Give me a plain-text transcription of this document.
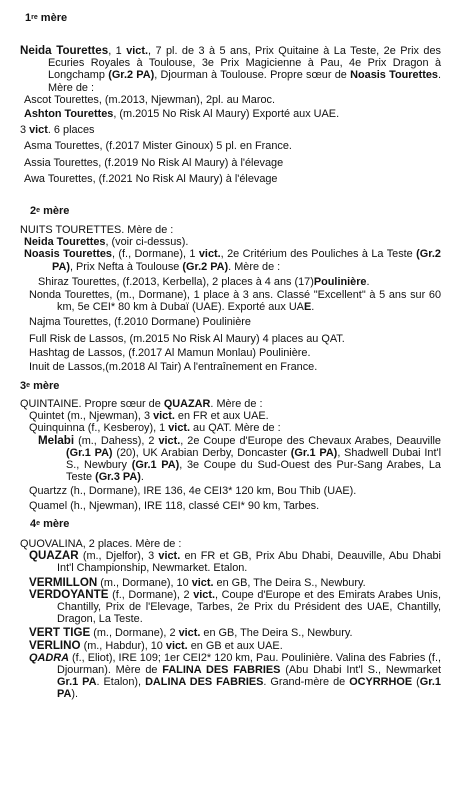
1re mère

Neida Tourettes, 1 vict., 7 pl. de 3 à 5 ans, Prix Quitaine à La Teste, 2e Prix des Ecuries Royales à Toulouse, 3e Prix Magicienne à Pau, 4e Prix Dragon à Longchamp (Gr.2 PA), Djourman à Toulouse. Propre sœur de Noasis Tourettes. Mère de :

Ascot Tourettes, (m.2013, Njewman), 2pl. au Maroc.

Ashton Tourettes, (m.2015 No Risk Al Maury) Exporté aux UAE.

3 vict. 6 places

Asma Tourettes, (f.2017 Mister Ginoux) 5 pl. en France.

Assia Tourettes, (f.2019 No Risk Al Maury) à l'élevage

Awa Tourettes, (f.2021 No Risk Al Maury) à l'élevage

2e mère

NUITS TOURETTES. Mère de :

Neida Tourettes, (voir ci-dessus).

Noasis Tourettes, (f., Dormane), 1 vict., 2e Critérium des Pouliches à La Teste (Gr.2 PA), Prix Nefta à Toulouse (Gr.2 PA). Mère de :

Shiraz Tourettes, (f.2013, Kerbella), 2 places à 4 ans (17)Poulinière.

Nonda Tourettes, (m., Dormane), 1 place à 3 ans. Classé "Excellent" à 5 ans sur 60 km, 5e CEI* 80 km à Dubaï (UAE). Exporté aux UAE.

Najma Tourettes, (f.2010 Dormane) Poulinière

Full Risk de Lassos, (m.2015 No Risk Al Maury) 4 places au QAT.

Hashtag de Lassos, (f.2017 Al Mamun Monlau) Poulinière.

Inuit de Lassos,(m.2018 Al Tair) A l'entraînement en France.

3e mère

QUINTAINE. Propre sœur de QUAZAR. Mère de :

Quintet (m., Njewman), 3 vict. en FR et aux UAE.

Quinquinna (f., Kesberoy), 1 vict. au QAT. Mère de :

Melabi (m., Dahess), 2 vict., 2e Coupe d'Europe des Chevaux Arabes, Deauville (Gr.1 PA) (20), UK Arabian Derby, Doncaster (Gr.1 PA), Shadwell Dubai Int'l S., Newbury (Gr.1 PA), 3e Coupe du Sud-Ouest des Pur-Sang Arabes, La Teste (Gr.3 PA).

Quartzz (h., Dormane), IRE 136, 4e CEI3* 120 km, Bou Thib (UAE).

Quamel (h., Njewman), IRE 118, classé CEI* 90 km, Tarbes.

4e mère

QUOVALINA, 2 places. Mère de :

QUAZAR (m., Djelfor), 3 vict. en FR et GB, Prix Abu Dhabi, Deauville, Abu Dhabi Int'l Championship, Newmarket. Etalon.

VERMILLON (m., Dormane), 10 vict. en GB, The Deira S., Newbury.

VERDOYANTE (f., Dormane), 2 vict., Coupe d'Europe et des Emirats Arabes Unis, Chantilly, Prix de l'Elevage, Tarbes, 2e Prix du Président des UAE, Chantilly, Dragon, La Teste.

VERT TIGE (m., Dormane), 2 vict. en GB, The Deira S., Newbury.

VERLINO (m., Habdur), 10 vict. en GB et aux UAE.

QADRA (f., Eliot), IRE 109; 1er CEI2* 120 km, Pau. Poulinière. Valina des Fabries (f., Djourman). Mère de FALINA DES FABRIES (Abu Dhabi Int'l S., Newmarket Gr.1 PA. Etalon), DALINA DES FABRIES. Grand-mère de OCYRRHOE (Gr.1 PA).
